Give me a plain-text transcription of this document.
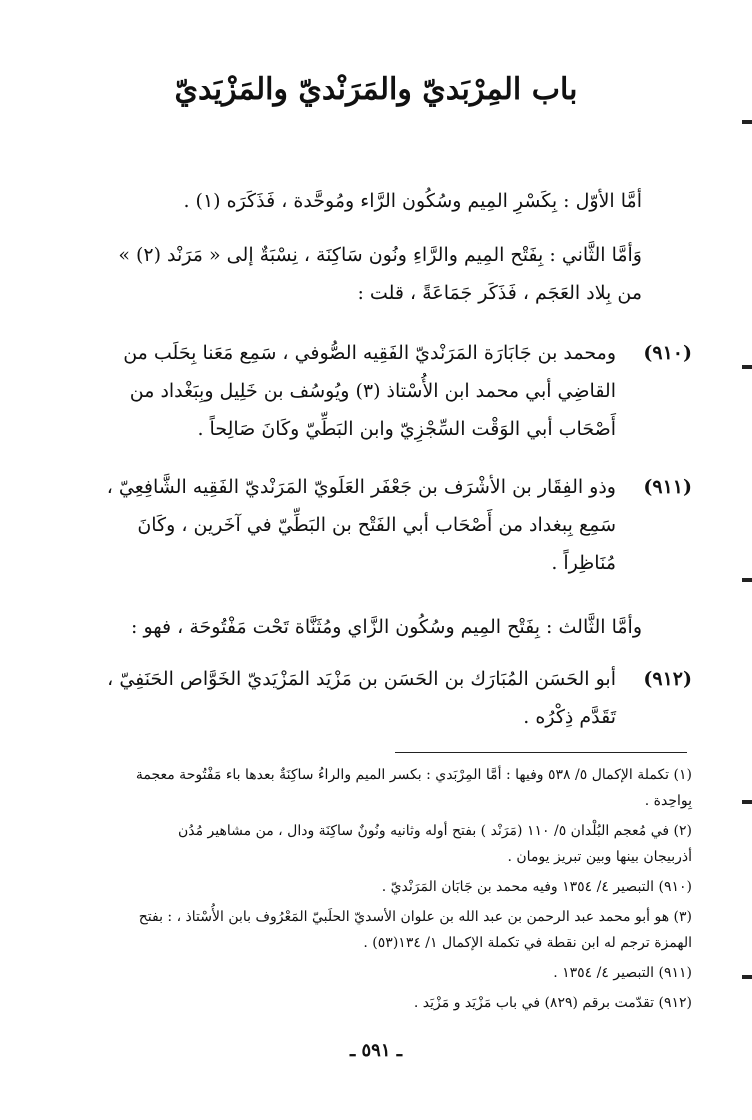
باب المِرْبَديّ والمَرَنْديّ والمَزْيَديّ
أمَّا الأوّل : بِكَسْرِ المِيم وسُكُون الرَّاء ومُوحَّدة ، فَذَكَرَه (١) .
وَأمَّا الثَّاني : بِفَتْح المِيم والرَّاءِ ونُون سَاكِنَة ، نِسْبَةٌ إلى « مَرَنْد (٢) »
من بِلاد العَجَم ، فَذَكَر جَمَاعَةً ، قلت :
(٩١٠)
ومحمد بن جَابَارَة المَرَنْديّ الفَقِيه الصُّوفي ، سَمِع مَعَنا بِحَلَب من
القاضِي أبي محمد ابن الأُسْتاذ (٣) ويُوسُف بن خَلِيل وبِبَغْداد من
أَصْحَاب أبي الوَقْت السِّجْزِيّ وابن البَطِّيّ وكَانَ صَالِحاً .
(٩١١)
وذو الفِقَار بن الأشْرَف بن جَعْفَر العَلَويّ المَرَنْديّ الفَقِيه الشَّافِعِيّ ،
سَمِع بِبغداد من أَصْحَاب أبي الفَتْح بن البَطِّيّ في آخَرين ، وكَانَ
مُنَاظِراً .
وأمَّا الثَّالث : بِفَتْح المِيم وسُكُون الزَّاي ومُثَنَّاة تَحْت مَفْتُوحَة ، فهو :
(٩١٢)
أبو الحَسَن المُبَارَك بن الحَسَن بن مَزْيَد المَزْيَديّ الخَوَّاص الحَنَفِيّ ،
تَقَدَّم ذِكْرُه .
(١) تكملة الإكمال ٥/ ٥٣٨ وفيها : أمَّا المِرْبَدي : بكسر الميم والراءُ ساكِنَةٌ بعدها باء مَفْتُوحة معجمة
بِواحِدة .
(٢) في مُعجم البُلْدان ٥/ ١١٠ (مَرَنْد ) بفتح أوله وثانيه ونُونٌ ساكِنَة ودال ، من مشاهير مُدُن
أذربيجان بينها وبين تبريز يومان .
(٩١٠) التبصير ٤/ ١٣٥٤ وفيه محمد بن جَابَان المَرَنْديّ .
(٣) هو أبو محمد عبد الرحمن بن عبد الله بن علوان الأسديّ الحلَبيّ المَعْرُوف بابن الأُسْتاذ ، : بفتح
الهمزة ترجم له ابن نقطة في تكملة الإكمال ١/ ١٣٤(٥٣) .
(٩١١) التبصير ٤/ ١٣٥٤ .
(٩١٢) تقدّمت برقم (٨٢٩) في باب مَزْيَد و مَزْيَد .
ـ ٥٩١ ـ
